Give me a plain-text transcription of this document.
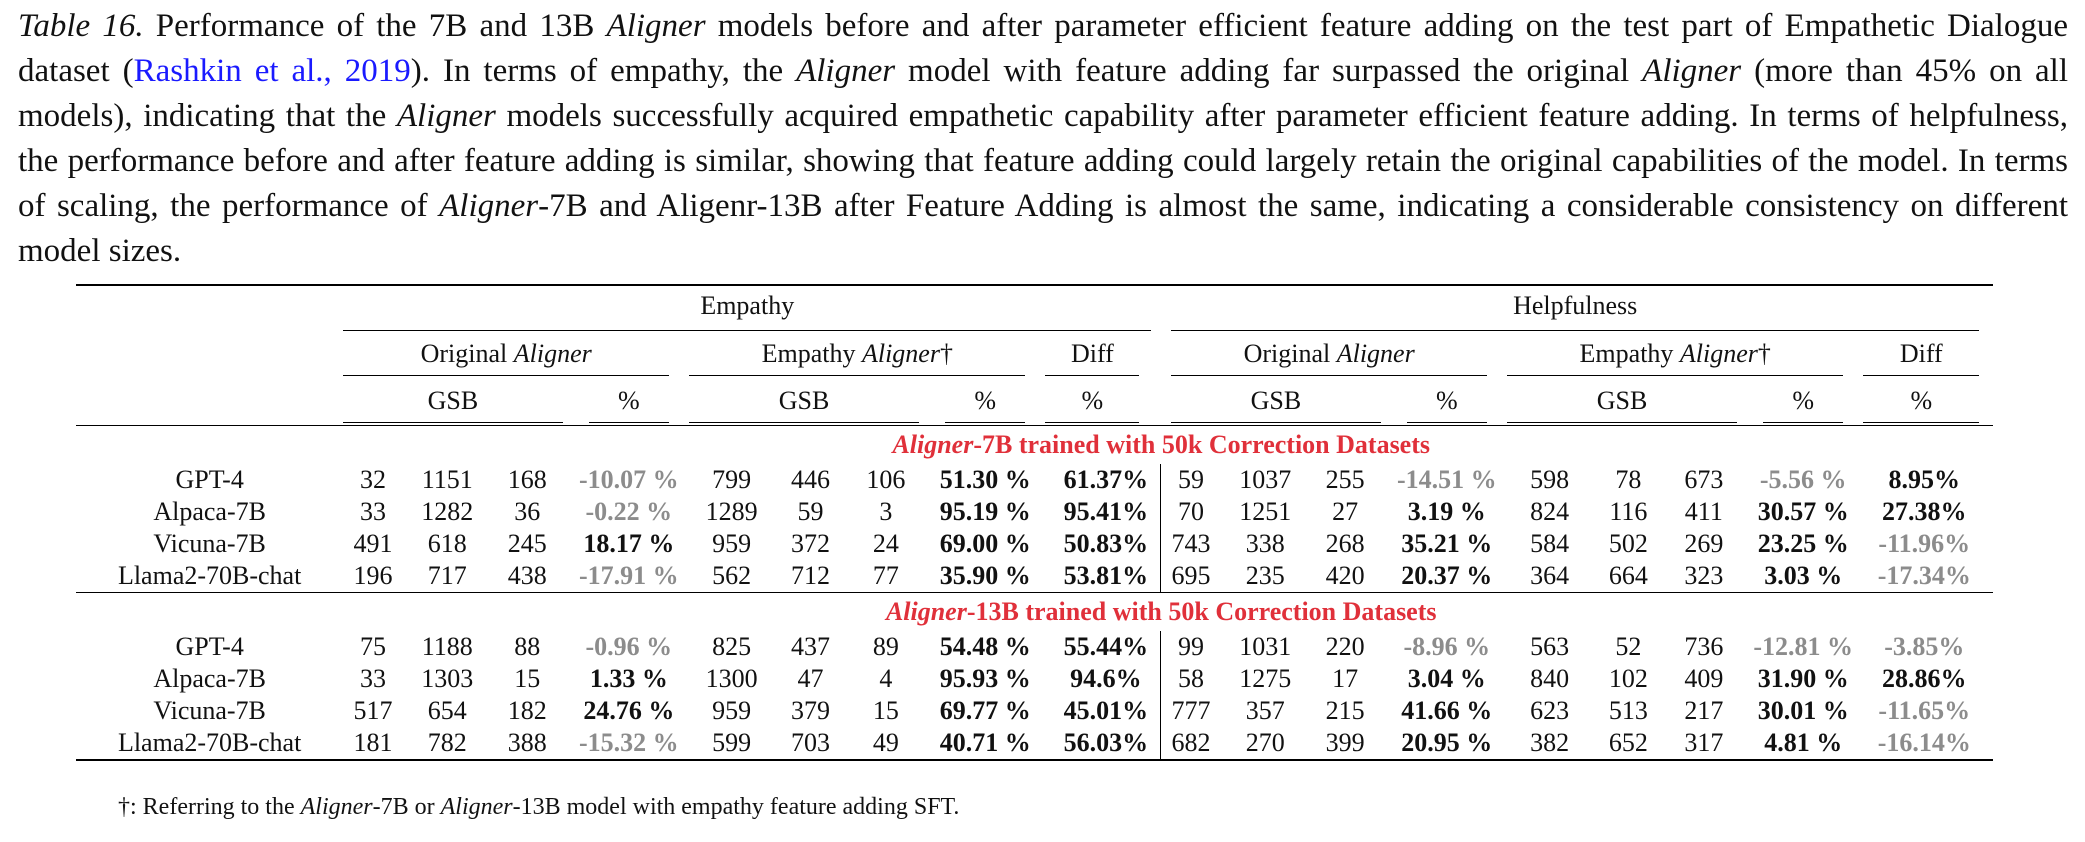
Table 16. Performance of the 7B and 13B Aligner models before and after parameter efficient feature adding on the test part of Empathetic Dialogue dataset (Rashkin et al., 2019). In terms of empathy, the Aligner model with feature adding far surpassed the original Aligner (more than 45% on all models), indicating that the Aligner models successfully acquired empathetic capability after parameter efficient feature adding. In terms of helpfulness, the performance before and after feature adding is similar, showing that feature adding could largely retain the original capabilities of the model. In terms of scaling, the performance of Aligner-7B and Aligenr-13B after Feature Adding is almost the same, indicating a considerable consistency on different model sizes.

	Empathy									Helpfulness									

	Original Aligner				Empathy Aligner†				Diff	Original Aligner				Empathy Aligner†				Diff	

	GSB			%	GSB			%	%	GSB			%	GSB			%	%	

	Aligner-7B trained with 50k Correction Datasets																		
GPT-4	32	1151	168	-10.07 %	799	446	106	51.30 %	61.37%	59	1037	255	-14.51 %	598	78	673	-5.56 %	8.95%	
Alpaca-7B	33	1282	36	-0.22 %	1289	59	3	95.19 %	95.41%	70	1251	27	3.19 %	824	116	411	30.57 %	27.38%	
Vicuna-7B	491	618	245	18.17 %	959	372	24	69.00 %	50.83%	743	338	268	35.21 %	584	502	269	23.25 %	-11.96%	
Llama2-70B-chat	196	717	438	-17.91 %	562	712	77	35.90 %	53.81%	695	235	420	20.37 %	364	664	323	3.03 %	-17.34%	
	Aligner-13B trained with 50k Correction Datasets																		
GPT-4	75	1188	88	-0.96 %	825	437	89	54.48 %	55.44%	99	1031	220	-8.96 %	563	52	736	-12.81 %	-3.85%	
Alpaca-7B	33	1303	15	1.33 %	1300	47	4	95.93 %	94.6%	58	1275	17	3.04 %	840	102	409	31.90 %	28.86%	
Vicuna-7B	517	654	182	24.76 %	959	379	15	69.77 %	45.01%	777	357	215	41.66 %	623	513	217	30.01 %	-11.65%	
Llama2-70B-chat	181	782	388	-15.32 %	599	703	49	40.71 %	56.03%	682	270	399	20.95 %	382	652	317	4.81 %	-16.14%	
†: Referring to the Aligner-7B or Aligner-13B model with empathy feature adding SFT.
